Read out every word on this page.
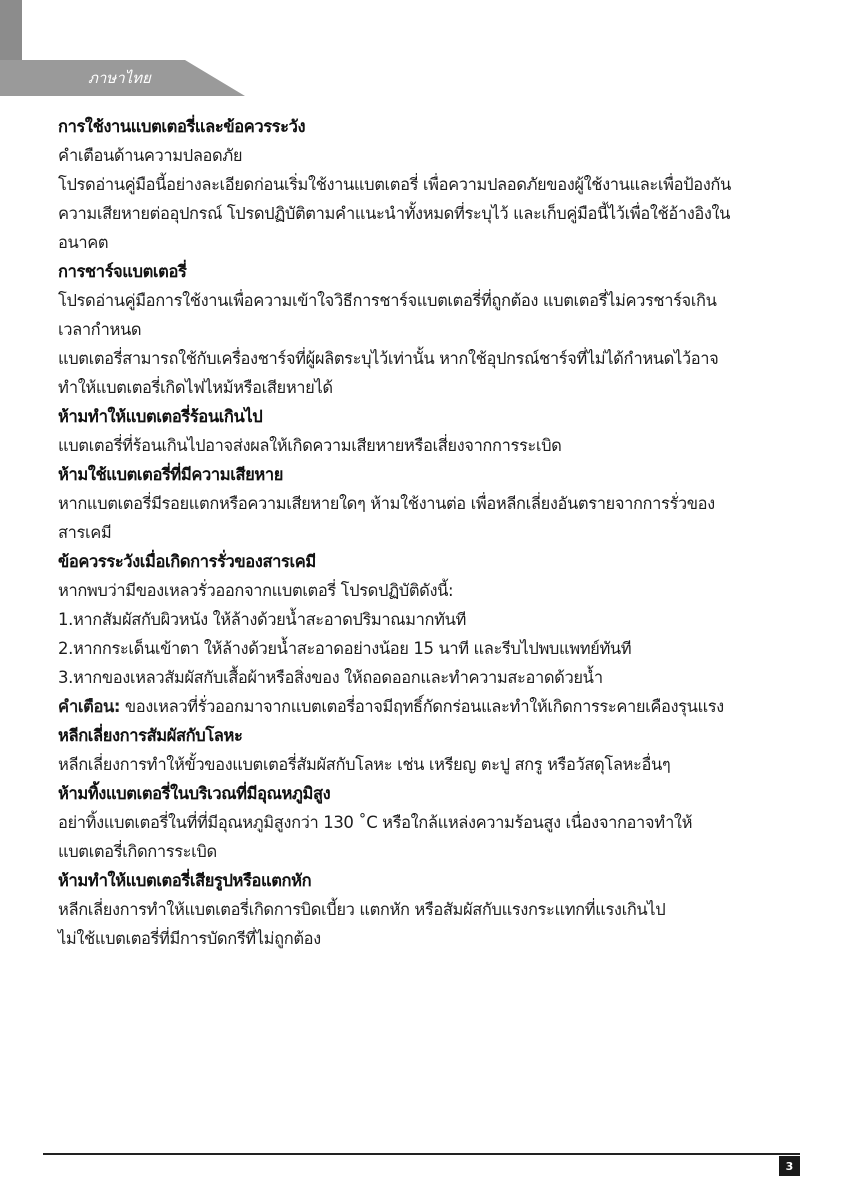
ภาษาไทย
การใช้งานแบตเตอรี่และข้อควรระวัง
คำเตือนด้านความปลอดภัย
โปรดอ่านคู่มือนี้อย่างละเอียดก่อนเริ่มใช้งานแบตเตอรี่ เพื่อความปลอดภัยของผู้ใช้งานและเพื่อป้องกัน
ความเสียหายต่ออุปกรณ์ โปรดปฏิบัติตามคำแนะนำทั้งหมดที่ระบุไว้ และเก็บคู่มือนี้ไว้เพื่อใช้อ้างอิงใน
อนาคต
การชาร์จแบตเตอรี่
โปรดอ่านคู่มือการใช้งานเพื่อความเข้าใจวิธีการชาร์จแบตเตอรี่ที่ถูกต้อง แบตเตอรี่ไม่ควรชาร์จเกิน
เวลากำหนด
แบตเตอรี่สามารถใช้กับเครื่องชาร์จที่ผู้ผลิตระบุไว้เท่านั้น หากใช้อุปกรณ์ชาร์จที่ไม่ได้กำหนดไว้อาจ
ทำให้แบตเตอรี่เกิดไฟไหม้หรือเสียหายได้
ห้ามทำให้แบตเตอรี่ร้อนเกินไป
แบตเตอรี่ที่ร้อนเกินไปอาจส่งผลให้เกิดความเสียหายหรือเสี่ยงจากการระเบิด
ห้ามใช้แบตเตอรี่ที่มีความเสียหาย
หากแบตเตอรี่มีรอยแตกหรือความเสียหายใดๆ ห้ามใช้งานต่อ เพื่อหลีกเลี่ยงอันตรายจากการรั่วของ
สารเคมี
ข้อควรระวังเมื่อเกิดการรั่วของสารเคมี
หากพบว่ามีของเหลวรั่วออกจากแบตเตอรี่ โปรดปฏิบัติดังนี้:
1.หากสัมผัสกับผิวหนัง ให้ล้างด้วยน้ำสะอาดปริมาณมากทันที
2.หากกระเด็นเข้าตา ให้ล้างด้วยน้ำสะอาดอย่างน้อย 15 นาที และรีบไปพบแพทย์ทันที
3.หากของเหลวสัมผัสกับเสื้อผ้าหรือสิ่งของ ให้ถอดออกและทำความสะอาดด้วยน้ำ
คำเตือน: ของเหลวที่รั่วออกมาจากแบตเตอรี่อาจมีฤทธิ์กัดกร่อนและทำให้เกิดการระคายเคืองรุนแรง
หลีกเลี่ยงการสัมผัสกับโลหะ
หลีกเลี่ยงการทำให้ขั้วของแบตเตอรี่สัมผัสกับโลหะ เช่น เหรียญ ตะปู สกรู หรือวัสดุโลหะอื่นๆ
ห้ามทิ้งแบตเตอรี่ในบริเวณที่มีอุณหภูมิสูง
อย่าทิ้งแบตเตอรี่ในที่ที่มีอุณหภูมิสูงกว่า 130 ˚C หรือใกล้แหล่งความร้อนสูง เนื่องจากอาจทำให้
แบตเตอรี่เกิดการระเบิด
ห้ามทำให้แบตเตอรี่เสียรูปหรือแตกหัก
หลีกเลี่ยงการทำให้แบตเตอรี่เกิดการบิดเบี้ยว แตกหัก หรือสัมผัสกับแรงกระแทกที่แรงเกินไป
ไม่ใช้แบตเตอรี่ที่มีการบัดกรีที่ไม่ถูกต้อง
3
